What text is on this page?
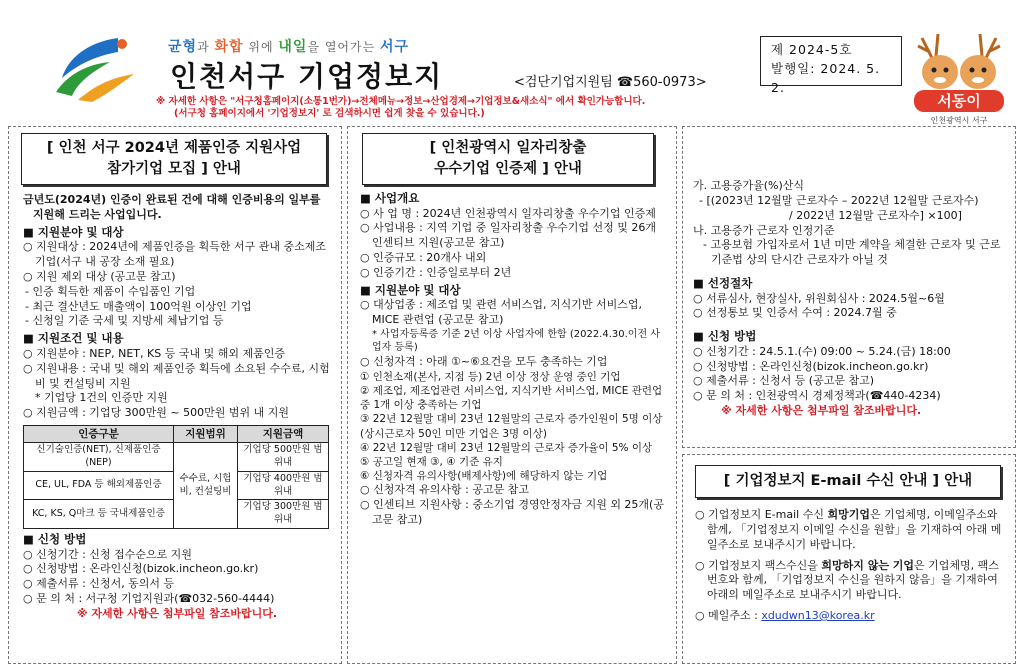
균형과 화합 위에 내일을 열어가는 서구
인천서구 기업정보지	<검단기업지원팀 ☎560-0973>
※ 자세한 사항은 "서구청홈페이지(소통1번가)→전체메뉴→정보→산업경제→기업정보&새소식" 에서 확인가능합니다.
(서구청 홈페이지에서 '기업정보지' 로 검색하시면 쉽게 찾을 수 있습니다.)
제 2024-5호
발행일: 2024. 5. 2.
서동이
인천광역시 서구
[ 인천 서구 2024년 제품인증 지원사업
참가기업 모집 ] 안내
금년도(2024년) 인증이 완료된 건에 대해 인증비용의 일부를 지원해 드리는 사업입니다.
■ 지원분야 및 대상
○ 지원대상 : 2024년에 제품인증을 획득한 서구 관내 중소제조기업(서구 내 공장 소재 필요)
○ 지원 제외 대상 (공고문 참고)
- 인증 획득한 제품이 수입품인 기업
- 최근 결산년도 매출액이 100억원 이상인 기업
- 신청일 기준 국세 및 지방세 체납기업 등
■ 지원조건 및 내용
○ 지원분야 : NEP, NET, KS 등 국내 및 해외 제품인증
○ 지원내용 : 국내 및 해외 제품인증 획득에 소요된 수수료, 시험비 및 컨설팅비 지원
* 기업당 1건의 인증만 지원
○ 지원금액 : 기업당 300만원 ~ 500만원 범위 내 지원
인증구분	지원범위	지원금액
신기술인증(NET), 신제품인증(NEP)	수수료, 시험비, 컨설팅비	기업당 500만원 범위내
CE, UL, FDA 등 해외제품인증		기업당 400만원 범위내
KC, KS, Q마크 등 국내제품인증		기업당 300만원 범위내
■ 신청 방법
○ 신청기간 : 신청 접수순으로 지원
○ 신청방법 : 온라인신청(bizok.incheon.go.kr)
○ 제출서류 : 신청서, 동의서 등
○ 문 의 처 : 서구청 기업지원과(☎032-560-4444)
※ 자세한 사항은 첨부파일 참조바랍니다.
[ 인천광역시 일자리창출
우수기업 인증제 ] 안내
■ 사업개요
○ 사 업 명 : 2024년 인천광역시 일자리창출 우수기업 인증제
○ 사업내용 : 지역 기업 중 일자리창출 우수기업 선정 및 26개 인센티브 지원(공고문 참고)
○ 인증규모 : 20개사 내외
○ 인증기간 : 인증일로부터 2년
■ 지원분야 및 대상
○ 대상업종 : 제조업 및 관련 서비스업, 지식기반 서비스업, MICE 관련업 (공고문 참고)
* 사업자등록증 기준 2년 이상 사업자에 한함 (2022.4.30.이전 사업자 등록)
○ 신청자격 : 아래 ①~⑥요건을 모두 충족하는 기업
① 인천소재(본사, 지점 등) 2년 이상 정상 운영 중인 기업
② 제조업, 제조업관련 서비스업, 지식기반 서비스업, MICE 관련업 중 1개 이상 충족하는 기업
③ 22년 12월말 대비 23년 12월말의 근로자 증가인원이 5명 이상(상시근로자 50인 미만 기업은 3명 이상)
④ 22년 12월말 대비 23년 12월말의 근로자 증가율이 5% 이상
⑤ 공고일 현재 ③, ④ 기준 유지
⑥ 신청자격 유의사항(배제사항)에 해당하지 않는 기업
○ 신청자격 유의사항 : 공고문 참고
○ 인센티브 지원사항 : 중소기업 경영안정자금 지원 외 25개(공고문 참고)
가. 고용증가율(%)산식
- [(2023년 12월말 근로자수 – 2022년 12월말 근로자수)
/ 2022년 12월말 근로자수] ×100]
나. 고용증가 근로자 인정기준
- 고용보험 가입자로서 1년 미만 계약을 체결한 근로자 및 근로기준법 상의 단시간 근로자가 아닐 것
■ 선정절차
○ 서류심사, 현장실사, 위원회심사 : 2024.5월~6월
○ 선정통보 및 인증서 수여 : 2024.7월 중
■ 신청 방법
○ 신청기간 : 24.5.1.(수) 09:00 ~ 5.24.(금) 18:00
○ 신청방법 : 온라인신청(bizok.incheon.go.kr)
○ 제출서류 : 신청서 등 (공고문 참고)
○ 문 의 처 : 인천광역시 경제정책과(☎440-4234)
※ 자세한 사항은 첨부파일 참조바랍니다.
[ 기업정보지 E-mail 수신 안내 ] 안내
○ 기업정보지 E-mail 수신 희망기업은 기업체명, 이메일주소와 함께, 「기업정보지 이메일 수신을 원함」을 기재하여 아래 메일주소로 보내주시기 바랍니다.
○ 기업정보지 팩스수신을 희망하지 않는 기업은 기업체명, 팩스번호와 함께, 「기업정보지 수신을 원하지 않음」을 기재하여 아래의 메일주소로 보내주시기 바랍니다.
○ 메일주소 : xdudwn13@korea.kr
